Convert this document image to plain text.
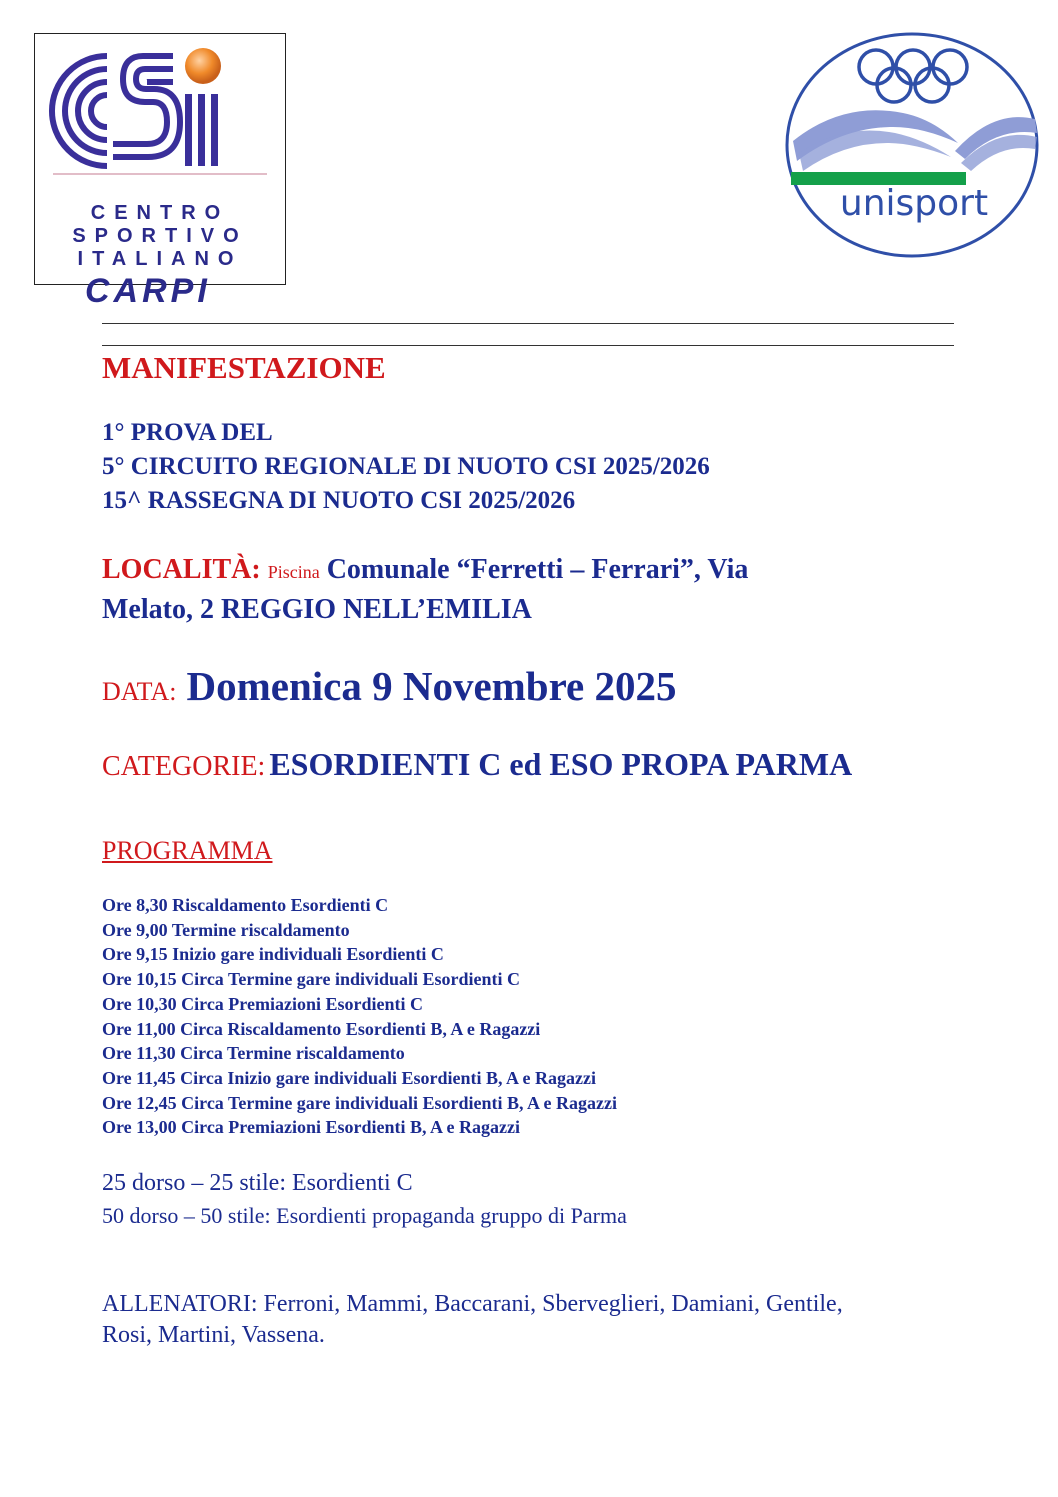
CENTRO
SPORTIVO
ITALIANO
CARPI
unisport
MANIFESTAZIONE
1° PROVA DEL
5° CIRCUITO REGIONALE DI NUOTO CSI 2025/2026
15^ RASSEGNA DI NUOTO CSI 2025/2026
LOCALITÀ: Piscina Comunale “Ferretti – Ferrari”, Via
Melato, 2 REGGIO NELL’EMILIA
DATA: Domenica 9 Novembre 2025
CATEGORIE: ESORDIENTI C ed ESO PROPA PARMA
PROGRAMMA
Ore 8,30 Riscaldamento Esordienti C
Ore 9,00 Termine riscaldamento
Ore 9,15 Inizio gare individuali Esordienti C
Ore 10,15 Circa Termine gare individuali Esordienti C
Ore 10,30 Circa Premiazioni Esordienti C
Ore 11,00 Circa Riscaldamento Esordienti B, A e Ragazzi
Ore 11,30 Circa Termine riscaldamento
Ore 11,45 Circa Inizio gare individuali Esordienti B, A e Ragazzi
Ore 12,45 Circa Termine gare individuali Esordienti B, A e Ragazzi
Ore 13,00 Circa Premiazioni Esordienti B, A e Ragazzi
25 dorso – 25 stile: Esordienti C
50 dorso – 50 stile: Esordienti propaganda gruppo di Parma
ALLENATORI: Ferroni, Mammi, Baccarani, Sberveglieri, Damiani, Gentile,
Rosi, Martini, Vassena.
